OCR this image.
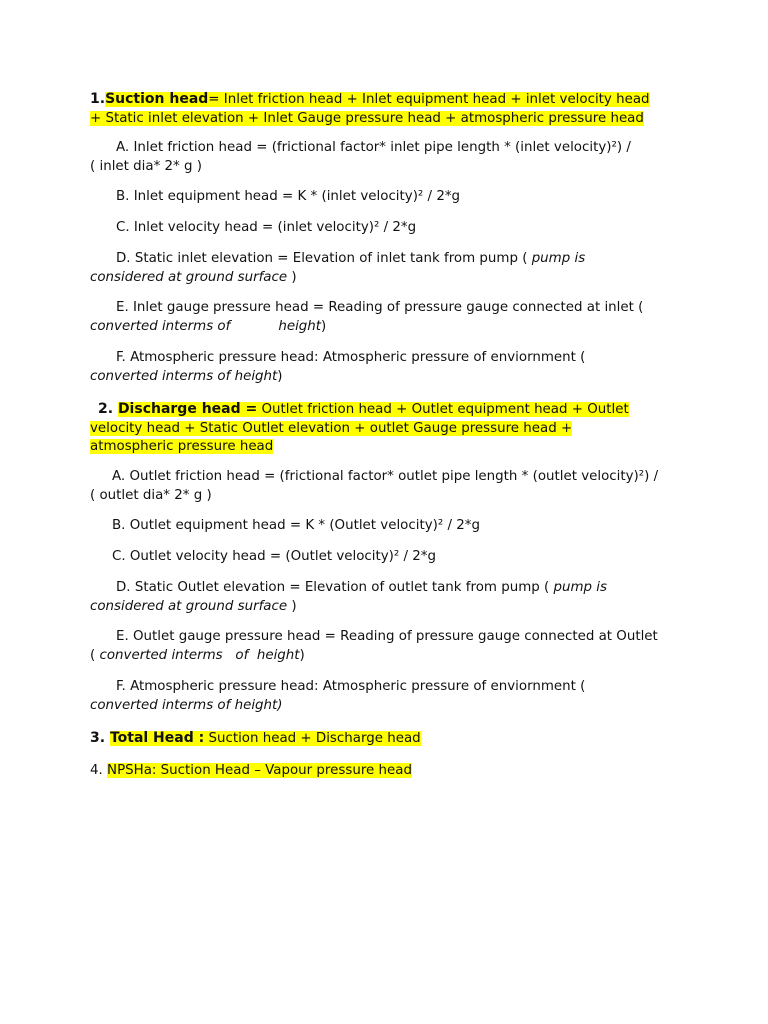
1.Suction head= Inlet friction head + Inlet equipment head + inlet velocity head
+ Static inlet elevation + Inlet Gauge pressure head + atmospheric pressure head

A. Inlet friction head = (frictional factor* inlet pipe length * (inlet velocity)²) /
( inlet dia* 2* g )

B. Inlet equipment head = K * (inlet velocity)² / 2*g

C. Inlet velocity head = (inlet velocity)² / 2*g

D. Static inlet elevation = Elevation of inlet tank from pump ( pump is
considered at ground surface )

E. Inlet gauge pressure head = Reading of pressure gauge connected at inlet (
converted interms of	height)

F. Atmospheric pressure head: Atmospheric pressure of enviornment (
converted interms of height)

2. Discharge head = Outlet friction head + Outlet equipment head + Outlet
velocity head + Static Outlet elevation + outlet Gauge pressure head +
atmospheric pressure head

A. Outlet friction head = (frictional factor* outlet pipe length * (outlet velocity)²) /
( outlet dia* 2* g )

B. Outlet equipment head = K * (Outlet velocity)² / 2*g

C. Outlet velocity head = (Outlet velocity)² / 2*g

D. Static Outlet elevation = Elevation of outlet tank from pump ( pump is
considered at ground surface )

E. Outlet gauge pressure head = Reading of pressure gauge connected at Outlet
( converted interms   of  height)

F. Atmospheric pressure head: Atmospheric pressure of enviornment (
converted interms of height)

3. Total Head : Suction head + Discharge head

4. NPSHa: Suction Head – Vapour pressure head
